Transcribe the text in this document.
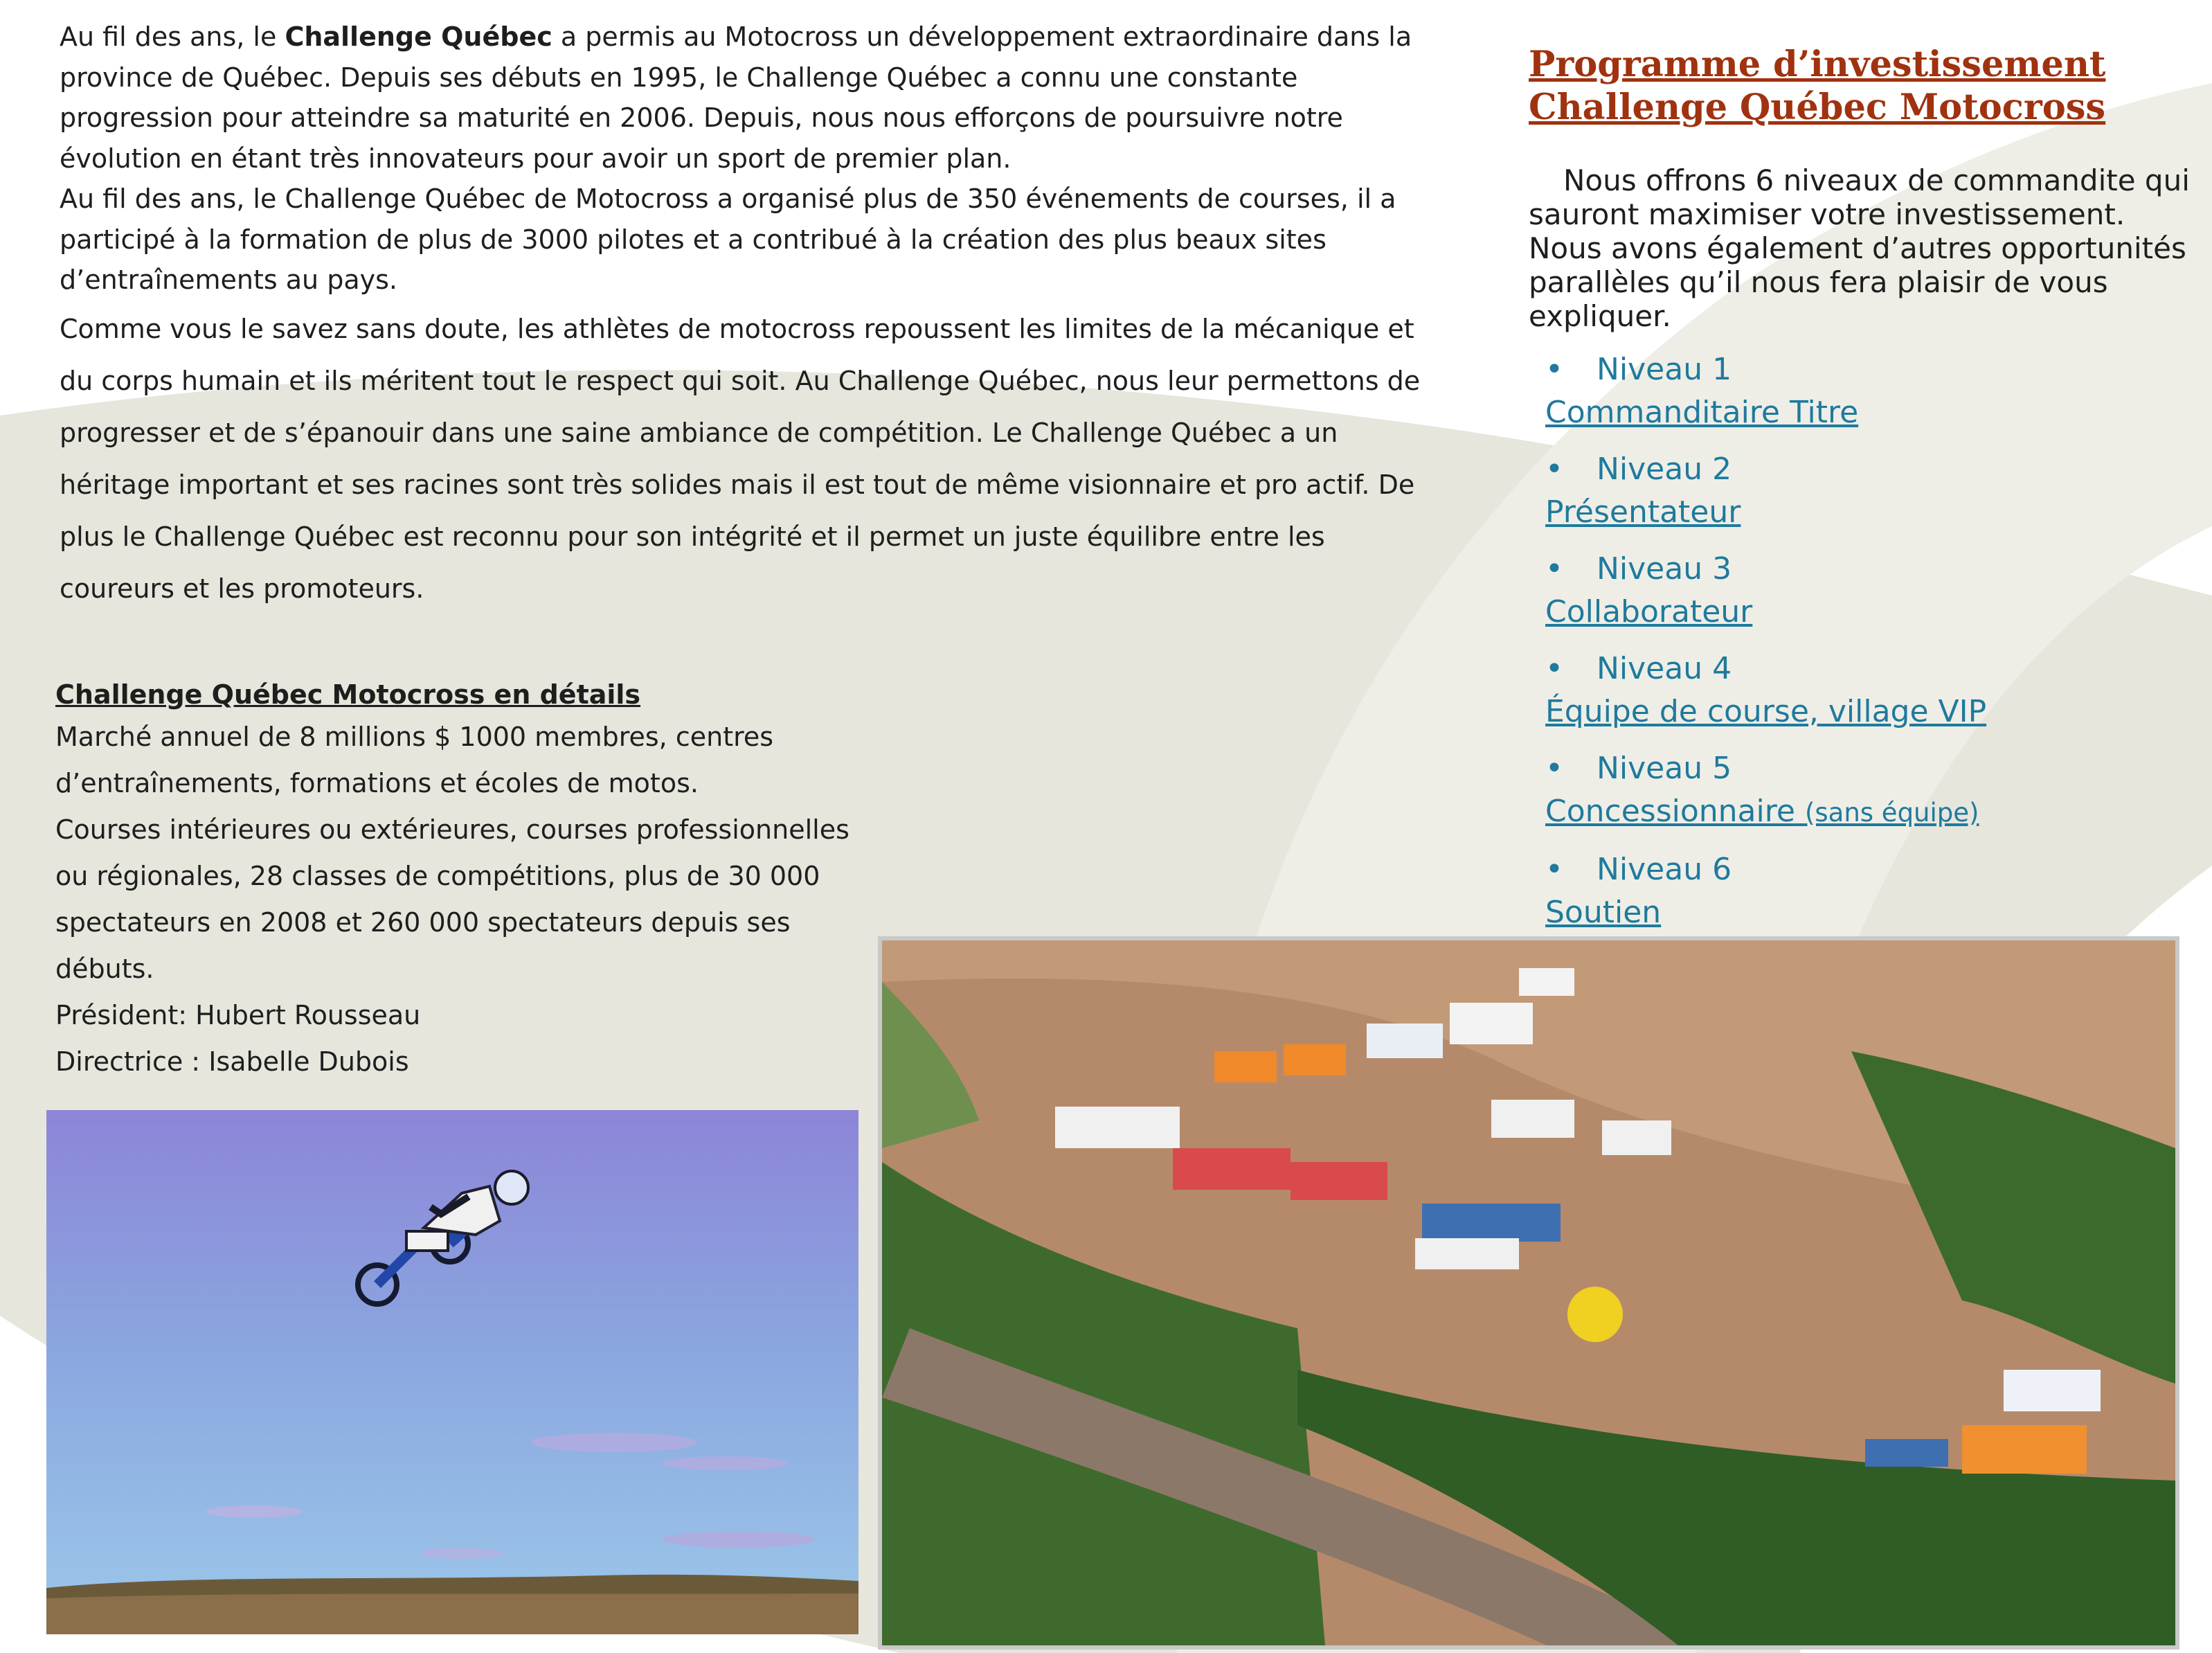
Au fil des ans, le Challenge Québec a permis au Motocross un développement extraordinaire dans la province de Québec. Depuis ses débuts en 1995, le Challenge Québec a connu une constante progression pour atteindre sa maturité en 2006. Depuis, nous nous efforçons de poursuivre notre évolution en étant très innovateurs pour avoir un sport de premier plan.

Au fil des ans, le Challenge Québec de Motocross a organisé plus de 350 événements de courses, il a participé à la formation de plus de 3000 pilotes et a contribué à la création des plus beaux sites d’entraînements au pays.

Comme vous le savez sans doute, les athlètes de motocross repoussent les limites de la mécanique et du corps humain et ils méritent tout le respect qui soit. Au Challenge Québec, nous leur permettons de progresser et de s’épanouir dans une saine ambiance de compétition. Le Challenge Québec a un héritage important et ses racines sont très solides mais il est tout de même visionnaire et pro actif. De plus le Challenge Québec est reconnu pour son intégrité et il permet un juste équilibre entre les coureurs et les promoteurs.

Challenge Québec Motocross en détails

Marché annuel de 8 millions $ 1000 membres, centres d’entraînements, formations et écoles de motos.

Courses intérieures ou extérieures, courses professionnelles ou régionales, 28 classes de compétitions, plus de 30 000 spectateurs en 2008 et 260 000 spectateurs depuis ses débuts.

Président: Hubert Rousseau

Directrice : Isabelle Dubois

Programme d’investissement
Challenge Québec Motocross

Nous offrons 6 niveaux de commandite qui sauront maximiser votre investissement. Nous avons également d’autres opportunités parallèles qu’il nous fera plaisir de vous expliquer.

• Niveau 1
Commanditaire Titre
• Niveau 2
Présentateur
• Niveau 3
Collaborateur
• Niveau 4
Équipe de course, village VIP
• Niveau 5
Concessionnaire (sans équipe)
• Niveau 6
Soutien
